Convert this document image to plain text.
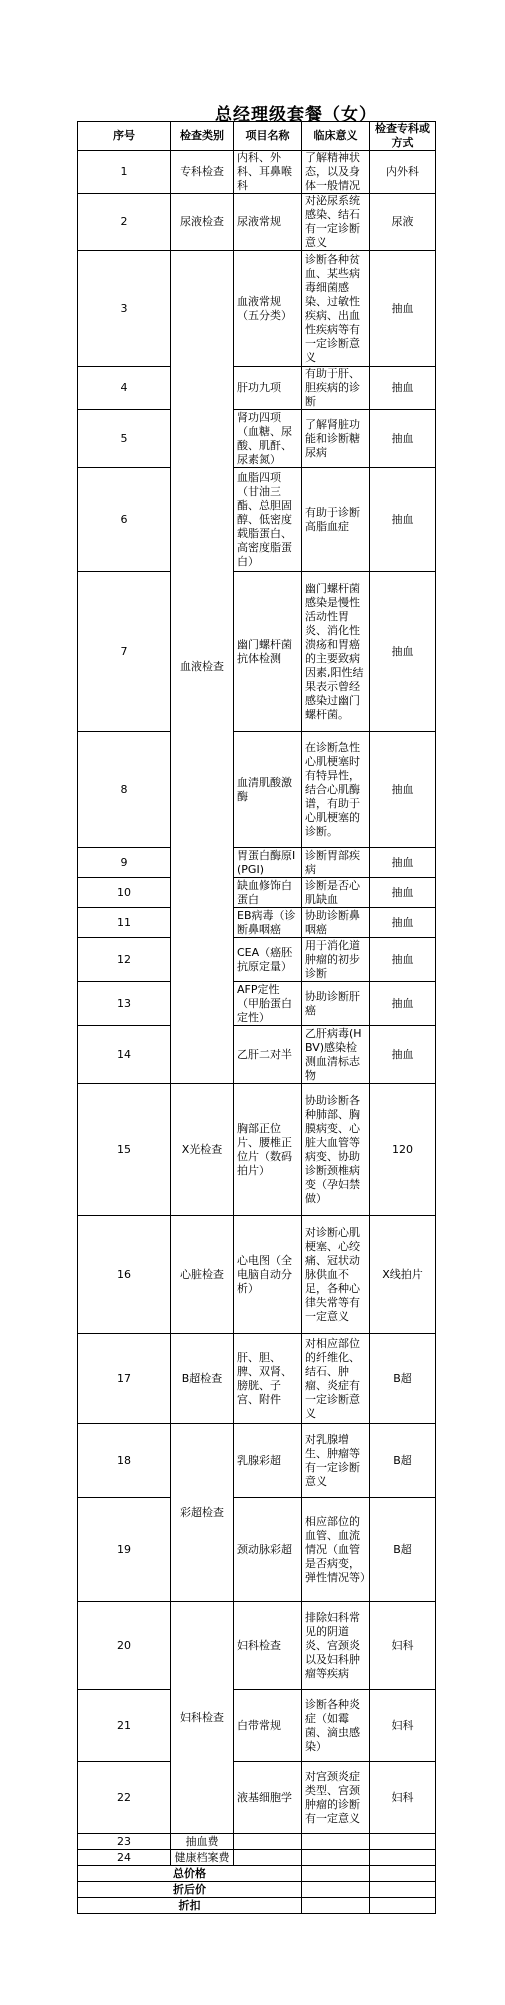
总经理级套餐（女）
序号	检查类别	项目名称	临床意义	检查专科或方式
1	专科检查	内科、外科、耳鼻喉科	了解精神状态，以及身体一般情况	内外科
2	尿液检查	尿液常规	对泌尿系统感染、结石有一定诊断意义	尿液
3	血液检查	血液常规（五分类）	诊断各种贫血、某些病毒细菌感染、过敏性疾病、出血性疾病等有一定诊断意义	抽血
4		肝功九项	有助于肝、胆疾病的诊断	抽血
5		肾功四项（血糖、尿酸、肌酐、尿素氮）	了解肾脏功能和诊断糖尿病	抽血
6		血脂四项（甘油三酯、总胆固醇、低密度载脂蛋白、高密度脂蛋白）	有助于诊断高脂血症	抽血
7		幽门螺杆菌抗体检测	幽门螺杆菌感染是慢性活动性胃炎、消化性溃疡和胃癌的主要致病因素,阳性结果表示曾经感染过幽门螺杆菌。	抽血
8		血清肌酸激酶	在诊断急性心肌梗塞时有特异性，结合心肌酶谱，有助于心肌梗塞的诊断。	抽血
9		胃蛋白酶原Ⅰ(PGI)	诊断胃部疾病	抽血
10		缺血修饰白蛋白	诊断是否心肌缺血	抽血
11		EB病毒（诊断鼻咽癌	协助诊断鼻咽癌	抽血
12		CEA（癌胚抗原定量）	用于消化道肿瘤的初步诊断	抽血
13		AFP定性（甲胎蛋白定性）	协助诊断肝癌	抽血
14		乙肝二对半	乙肝病毒(HBV)感染检测血清标志物	抽血
15	X光检查	胸部正位片、腰椎正位片（数码拍片）	协助诊断各种肺部、胸膜病变、心脏大血管等病变、协助诊断颈椎病变（孕妇禁做）	120
16	心脏检查	心电图（全电脑自动分析）	对诊断心肌梗塞、心绞痛、冠状动脉供血不足，各种心律失常等有一定意义	X线拍片
17	B超检查	肝、胆、脾、双肾、膀胱、子宫、附件	对相应部位的纤维化、结石、肿瘤、炎症有一定诊断意义	B超
18	彩超检查	乳腺彩超	对乳腺增生、肿瘤等有一定诊断意义	B超
19		颈动脉彩超	相应部位的血管、血流情况（血管是否病变，弹性情况等）	B超
20	妇科检查	妇科检查	排除妇科常见的阴道炎、宫颈炎以及妇科肿瘤等疾病	妇科
21		白带常规	诊断各种炎症（如霉菌、滴虫感染）	妇科
22		液基细胞学	对宫颈炎症类型、宫颈肿瘤的诊断有一定意义	妇科
23	抽血费			
24	健康档案费			
总价格				
折后价				
折扣				
